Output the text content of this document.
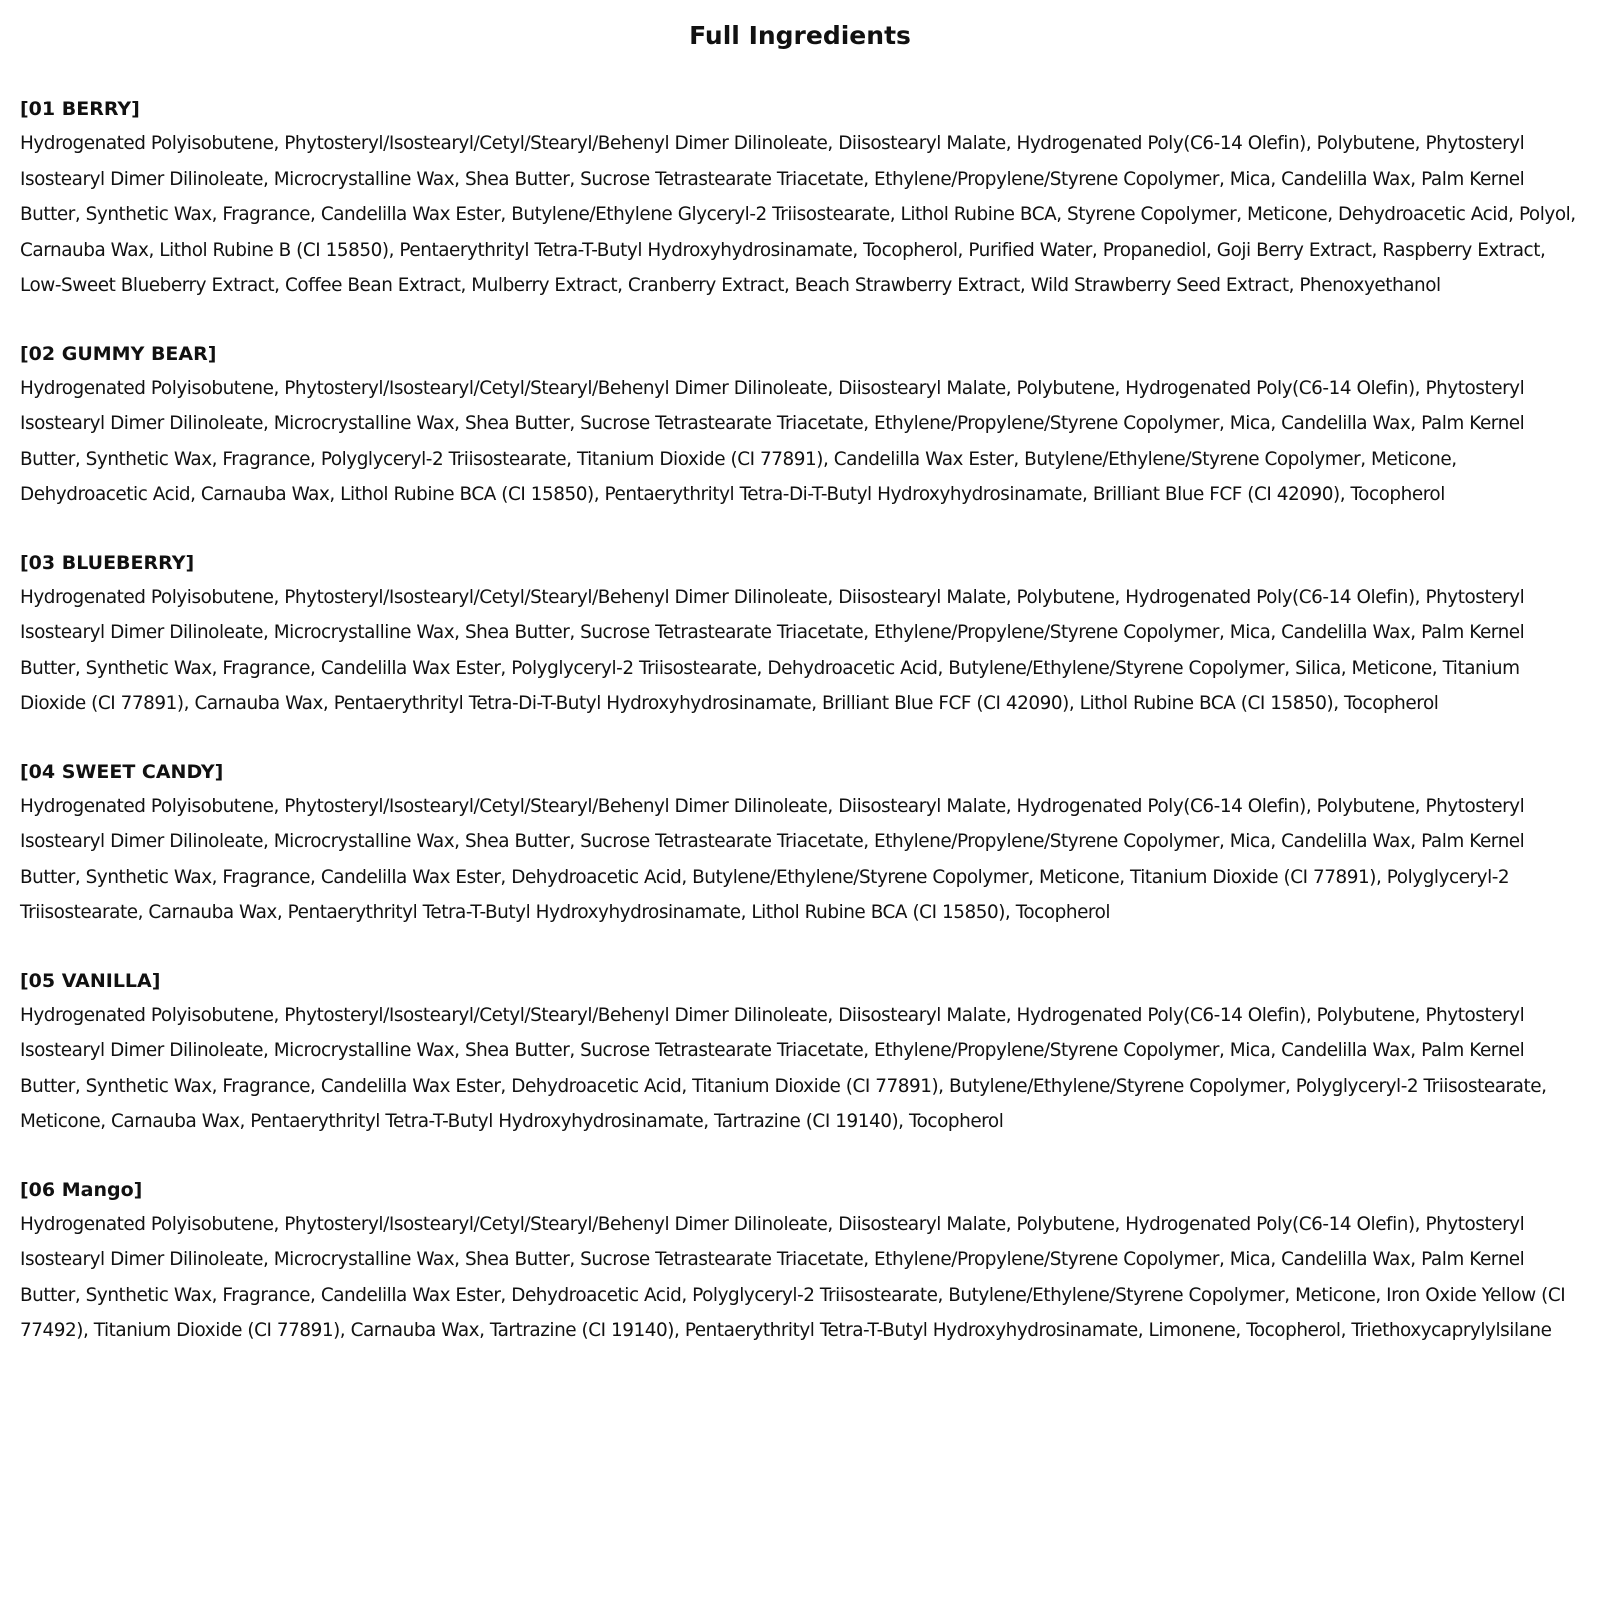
Full Ingredients
[01 BERRY]

Hydrogenated Polyisobutene, Phytosteryl/Isostearyl/Cetyl/Stearyl/Behenyl Dimer Dilinoleate, Diisostearyl Malate, Hydrogenated Poly(C6-14 Olefin), Polybutene, Phytosteryl Isostearyl Dimer Dilinoleate, Microcrystalline Wax, Shea Butter, Sucrose Tetrastearate Triacetate, Ethylene/Propylene/Styrene Copolymer, Mica, Candelilla Wax, Palm Kernel Butter, Synthetic Wax, Fragrance, Candelilla Wax Ester, Butylene/Ethylene Glyceryl-2 Triisostearate, Lithol Rubine BCA, Styrene Copolymer, Meticone, Dehydroacetic Acid, Polyol, Carnauba Wax, Lithol Rubine B (CI 15850), Pentaerythrityl Tetra-T-Butyl Hydroxyhydrosinamate, Tocopherol, Purified Water, Propanediol, Goji Berry Extract, Raspberry Extract, Low-Sweet Blueberry Extract, Coffee Bean Extract, Mulberry Extract, Cranberry Extract, Beach Strawberry Extract, Wild Strawberry Seed Extract, Phenoxyethanol

[02 GUMMY BEAR]

Hydrogenated Polyisobutene, Phytosteryl/Isostearyl/Cetyl/Stearyl/Behenyl Dimer Dilinoleate, Diisostearyl Malate, Polybutene, Hydrogenated Poly(C6-14 Olefin), Phytosteryl Isostearyl Dimer Dilinoleate, Microcrystalline Wax, Shea Butter, Sucrose Tetrastearate Triacetate, Ethylene/Propylene/Styrene Copolymer, Mica, Candelilla Wax, Palm Kernel Butter, Synthetic Wax, Fragrance, Polyglyceryl-2 Triisostearate, Titanium Dioxide (CI 77891), Candelilla Wax Ester, Butylene/Ethylene/Styrene Copolymer, Meticone, Dehydroacetic Acid, Carnauba Wax, Lithol Rubine BCA (CI 15850), Pentaerythrityl Tetra-Di-T-Butyl Hydroxyhydrosinamate, Brilliant Blue FCF (CI 42090), Tocopherol

[03 BLUEBERRY]

Hydrogenated Polyisobutene, Phytosteryl/Isostearyl/Cetyl/Stearyl/Behenyl Dimer Dilinoleate, Diisostearyl Malate, Polybutene, Hydrogenated Poly(C6-14 Olefin), Phytosteryl Isostearyl Dimer Dilinoleate, Microcrystalline Wax, Shea Butter, Sucrose Tetrastearate Triacetate, Ethylene/Propylene/Styrene Copolymer, Mica, Candelilla Wax, Palm Kernel Butter, Synthetic Wax, Fragrance, Candelilla Wax Ester, Polyglyceryl-2 Triisostearate, Dehydroacetic Acid, Butylene/Ethylene/Styrene Copolymer, Silica, Meticone, Titanium Dioxide (CI 77891), Carnauba Wax, Pentaerythrityl Tetra-Di-T-Butyl Hydroxyhydrosinamate, Brilliant Blue FCF (CI 42090), Lithol Rubine BCA (CI 15850), Tocopherol

[04 SWEET CANDY]

Hydrogenated Polyisobutene, Phytosteryl/Isostearyl/Cetyl/Stearyl/Behenyl Dimer Dilinoleate, Diisostearyl Malate, Hydrogenated Poly(C6-14 Olefin), Polybutene, Phytosteryl Isostearyl Dimer Dilinoleate, Microcrystalline Wax, Shea Butter, Sucrose Tetrastearate Triacetate, Ethylene/Propylene/Styrene Copolymer, Mica, Candelilla Wax, Palm Kernel Butter, Synthetic Wax, Fragrance, Candelilla Wax Ester, Dehydroacetic Acid, Butylene/Ethylene/Styrene Copolymer, Meticone, Titanium Dioxide (CI 77891), Polyglyceryl-2 Triisostearate, Carnauba Wax, Pentaerythrityl Tetra-T-Butyl Hydroxyhydrosinamate, Lithol Rubine BCA (CI 15850), Tocopherol

[05 VANILLA]

Hydrogenated Polyisobutene, Phytosteryl/Isostearyl/Cetyl/Stearyl/Behenyl Dimer Dilinoleate, Diisostearyl Malate, Hydrogenated Poly(C6-14 Olefin), Polybutene, Phytosteryl Isostearyl Dimer Dilinoleate, Microcrystalline Wax, Shea Butter, Sucrose Tetrastearate Triacetate, Ethylene/Propylene/Styrene Copolymer, Mica, Candelilla Wax, Palm Kernel Butter, Synthetic Wax, Fragrance, Candelilla Wax Ester, Dehydroacetic Acid, Titanium Dioxide (CI 77891), Butylene/Ethylene/Styrene Copolymer, Polyglyceryl-2 Triisostearate, Meticone, Carnauba Wax, Pentaerythrityl Tetra-T-Butyl Hydroxyhydrosinamate, Tartrazine (CI 19140), Tocopherol

[06 Mango]

Hydrogenated Polyisobutene, Phytosteryl/Isostearyl/Cetyl/Stearyl/Behenyl Dimer Dilinoleate, Diisostearyl Malate, Polybutene, Hydrogenated Poly(C6-14 Olefin), Phytosteryl Isostearyl Dimer Dilinoleate, Microcrystalline Wax, Shea Butter, Sucrose Tetrastearate Triacetate, Ethylene/Propylene/Styrene Copolymer, Mica, Candelilla Wax, Palm Kernel Butter, Synthetic Wax, Fragrance, Candelilla Wax Ester, Dehydroacetic Acid, Polyglyceryl-2 Triisostearate, Butylene/Ethylene/Styrene Copolymer, Meticone, Iron Oxide Yellow (CI 77492), Titanium Dioxide (CI 77891), Carnauba Wax, Tartrazine (CI 19140), Pentaerythrityl Tetra-T-Butyl Hydroxyhydrosinamate, Limonene, Tocopherol, Triethoxycaprylylsilane
